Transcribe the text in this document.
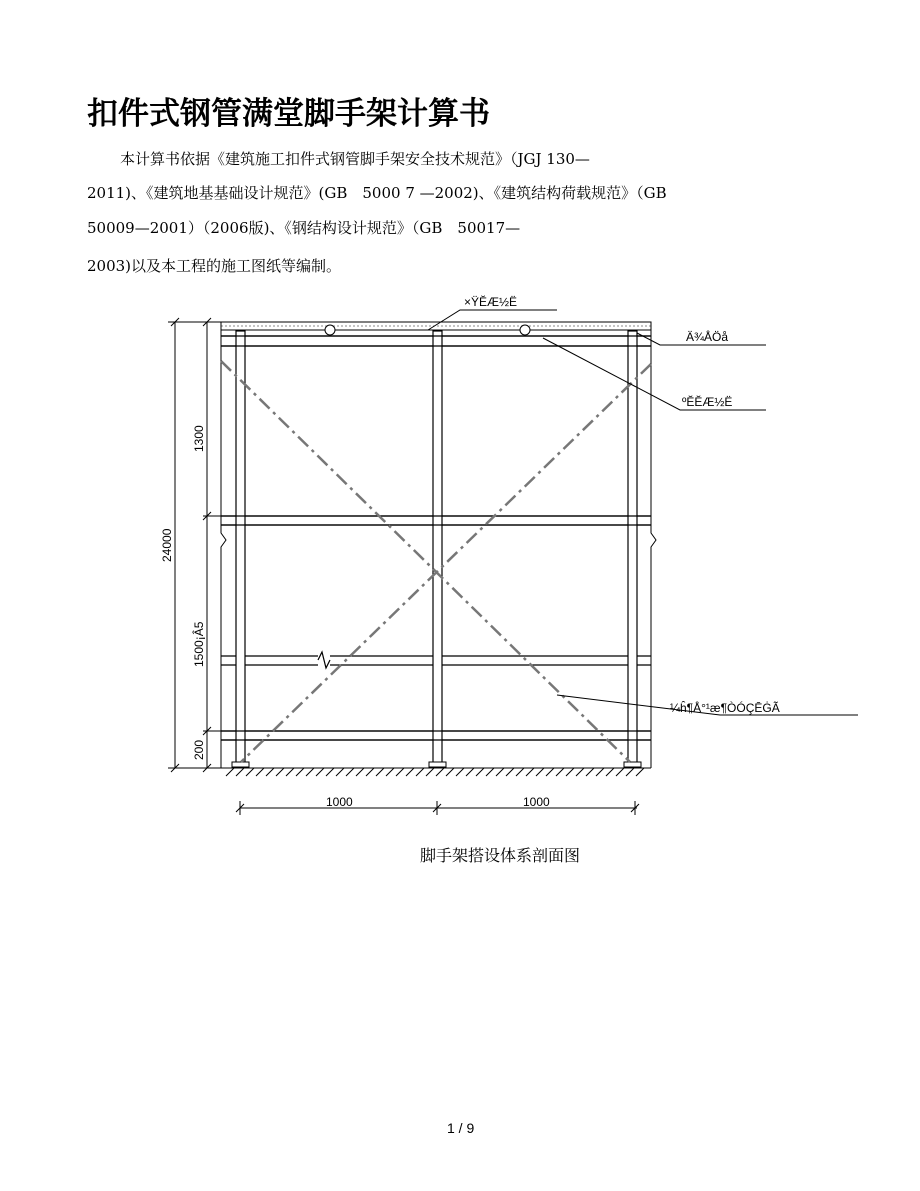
扣件式钢管满堂脚手架计算书
本计算书依据《建筑施工扣件式钢管脚手架安全技术规范》（JGJ 130—
2011)、《建筑地基基础设计规范》(GB　5000 7 —2002)、《建筑结构荷载规范》（GB
50009—2001）（2006版)、《钢结构设计规范》（GB　50017—
2003)以及本工程的施工图纸等编制。
×ŸĔÆ½Ë
Ä¾ÅÖå
ºĔĔÆ½Ë
¼ĥ¶Å°¹æ¶ÒÓÇĒĠÃ
24000
1300
1500¡Â5
200
1000	1000
脚手架搭设体系剖面图
1 / 9
